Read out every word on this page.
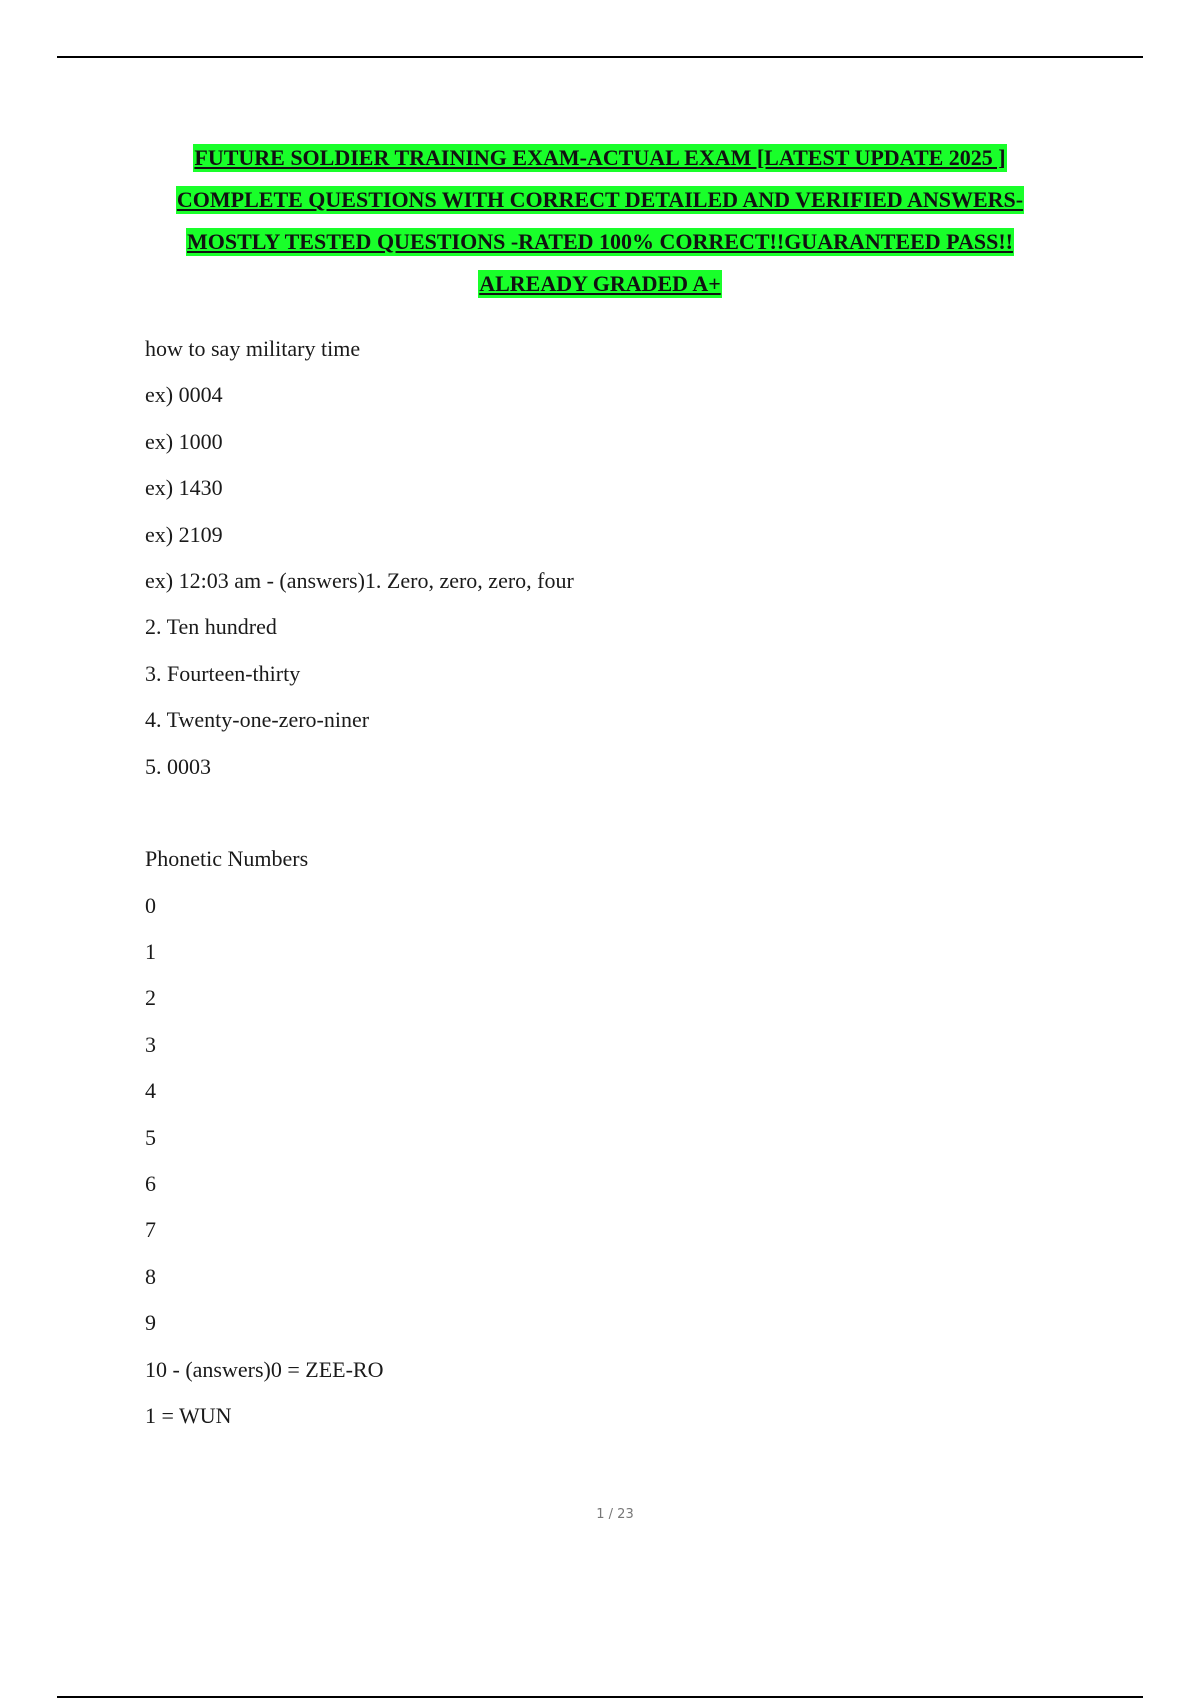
FUTURE SOLDIER TRAINING EXAM-ACTUAL EXAM [LATEST UPDATE 2025 ]
COMPLETE QUESTIONS WITH CORRECT DETAILED AND VERIFIED ANSWERS-
MOSTLY TESTED QUESTIONS -RATED 100% CORRECT!!GUARANTEED PASS!!
ALREADY GRADED A+
how to say military time
ex) 0004
ex) 1000
ex) 1430
ex) 2109
ex) 12:03 am - (answers)1. Zero, zero, zero, four
2. Ten hundred
3. Fourteen-thirty
4. Twenty-one-zero-niner
5. 0003
Phonetic Numbers
0
1
2
3
4
5
6
7
8
9
10 - (answers)0 = ZEE-RO
1 = WUN
1 / 23
